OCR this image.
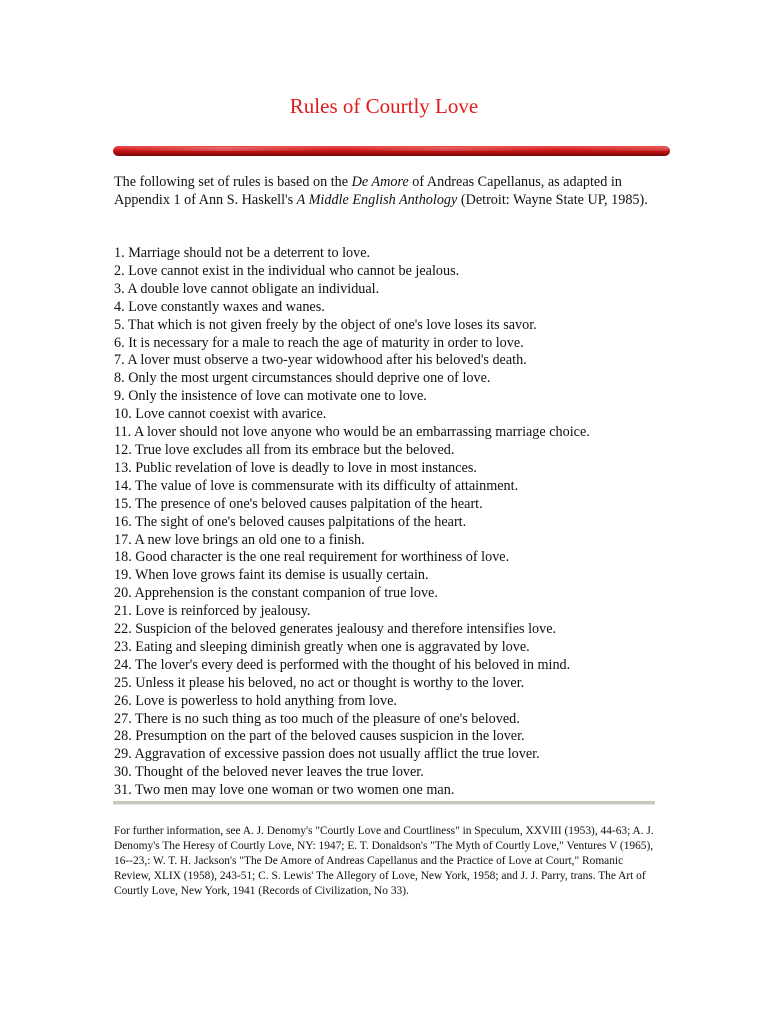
Rules of Courtly Love

The following set of rules is based on the De Amore of Andreas Capellanus, as adapted in Appendix 1 of Ann S. Haskell's A Middle English Anthology (Detroit: Wayne State UP, 1985).

1. Marriage should not be a deterrent to love.
2. Love cannot exist in the individual who cannot be jealous.
3. A double love cannot obligate an individual.
4. Love constantly waxes and wanes.
5. That which is not given freely by the object of one's love loses its savor.
6. It is necessary for a male to reach the age of maturity in order to love.
7. A lover must observe a two-year widowhood after his beloved's death.
8. Only the most urgent circumstances should deprive one of love.
9. Only the insistence of love can motivate one to love.
10. Love cannot coexist with avarice.
11. A lover should not love anyone who would be an embarrassing marriage choice.
12. True love excludes all from its embrace but the beloved.
13. Public revelation of love is deadly to love in most instances.
14. The value of love is commensurate with its difficulty of attainment.
15. The presence of one's beloved causes palpitation of the heart.
16. The sight of one's beloved causes palpitations of the heart.
17. A new love brings an old one to a finish.
18. Good character is the one real requirement for worthiness of love.
19. When love grows faint its demise is usually certain.
20. Apprehension is the constant companion of true love.
21. Love is reinforced by jealousy.
22. Suspicion of the beloved generates jealousy and therefore intensifies love.
23. Eating and sleeping diminish greatly when one is aggravated by love.
24. The lover's every deed is performed with the thought of his beloved in mind.
25. Unless it please his beloved, no act or thought is worthy to the lover.
26. Love is powerless to hold anything from love.
27. There is no such thing as too much of the pleasure of one's beloved.
28. Presumption on the part of the beloved causes suspicion in the lover.
29. Aggravation of excessive passion does not usually afflict the true lover.
30. Thought of the beloved never leaves the true lover.
31. Two men may love one woman or two women one man.

For further information, see A. J. Denomy's "Courtly Love and Courtliness" in Speculum, XXVIII (1953), 44-63; A. J. Denomy's The Heresy of Courtly Love, NY: 1947; E. T. Donaldson's "The Myth of Courtly Love," Ventures V (1965), 16--23,: W. T. H. Jackson's "The De Amore of Andreas Capellanus and the Practice of Love at Court," Romanic Review, XLIX (1958), 243-51; C. S. Lewis' The Allegory of Love, New York, 1958; and J. J. Parry, trans. The Art of Courtly Love, New York, 1941 (Records of Civilization, No 33).
